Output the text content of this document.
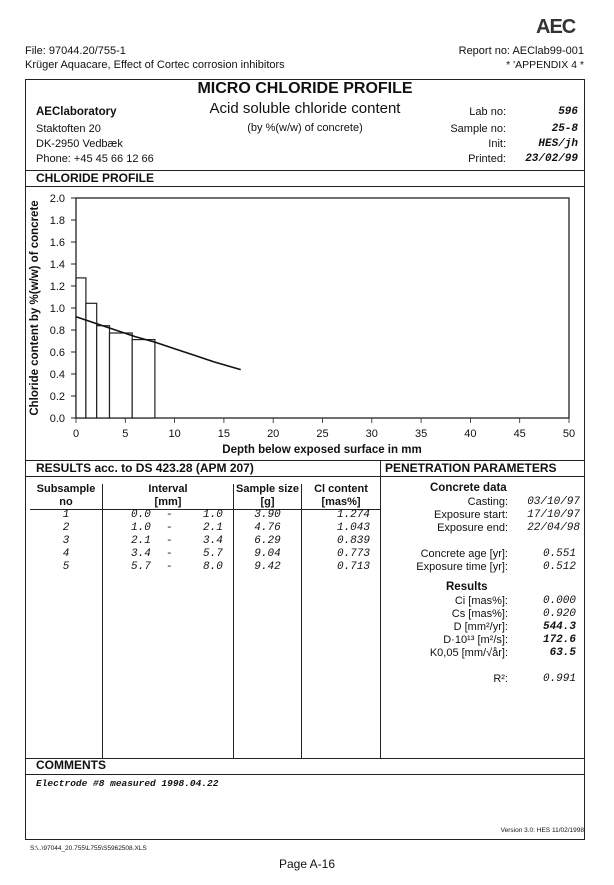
AEC
File: 97044.20/755-1
Krüger Aquacare, Effect of Cortec corrosion inhibitors
Report no: AEClab99-001
* 'APPENDIX 4 *
MICRO CHLORIDE PROFILE
Acid soluble chloride content
(by %(w/w) of concrete)
AEClaboratory
Staktoften 20
DK-2950 Vedbæk
Phone: +45 45 66 12 66
Lab no:	596
Sample no:	25-8
Init:	HES/jh
Printed:	23/02/99
CHLORIDE PROFILE
0.0
0.2
0.4
0.6
0.8
1.0
1.2
1.4
1.6
1.8
2.0
0	5	10	15	20	25	30	35	40	45	50
Depth below exposed surface in mm
Chloride content by %(w/w) of concrete
RESULTS acc. to DS 423.28 (APM 207)	PENETRATION PARAMETERS
Subsample
no
Interval
[mm]
Sample size
[g]
Cl content
[mas%]
1	0.0 -	1.0	3.90	1.274
2	1.0 -	2.1	4.76	1.043
3	2.1 -	3.4	6.29	0.839
4	3.4 -	5.7	9.04	0.773
5	5.7 -	8.0	9.42	0.713
Concrete data
Casting:	03/10/97
Exposure start:	17/10/97
Exposure end:	22/04/98
Concrete age [yr]:	0.551
Exposure time [yr]:	0.512
Results
Ci [mas%]:	0.000
Cs [mas%]:	0.920
D [mm²/yr]:	544.3
D·10¹³ [m²/s]:	172.6
K0,05 [mm/√år]:	63.5
R²:	0.991
COMMENTS
Electrode #8 measured 1998.04.22
Version 3.0: HES 11/02/1998
S:\..\97044_20.755\L755\S5962508.XLS
Page A-16
